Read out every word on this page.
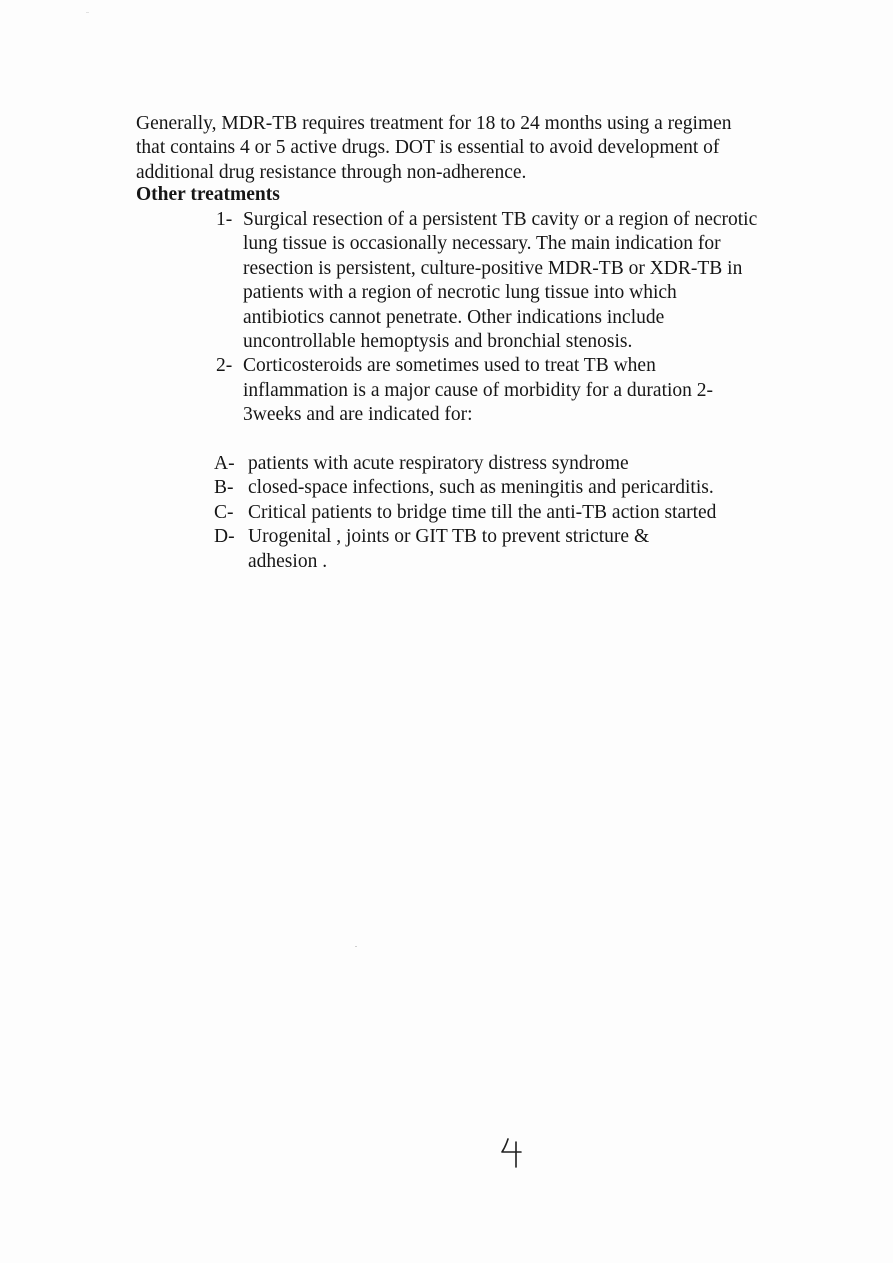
Generally, MDR-TB requires treatment for 18 to 24 months using a regimen that contains 4 or 5 active drugs. DOT is essential to avoid development of additional drug resistance through non-adherence.

Other treatments

1- Surgical resection of a persistent TB cavity or a region of necrotic lung tissue is occasionally necessary. The main indication for resection is persistent, culture-positive MDR-TB or XDR-TB in patients with a region of necrotic lung tissue into which antibiotics cannot penetrate. Other indications include uncontrollable hemoptysis and bronchial stenosis.
2- Corticosteroids are sometimes used to treat TB when inflammation is a major cause of morbidity for a duration 2-3weeks and are indicated for:
A- patients with acute respiratory distress syndrome
B- closed-space infections, such as meningitis and pericarditis.
C- Critical patients to bridge time till the anti-TB action started
D- Urogenital , joints or GIT TB to prevent stricture & adhesion .
